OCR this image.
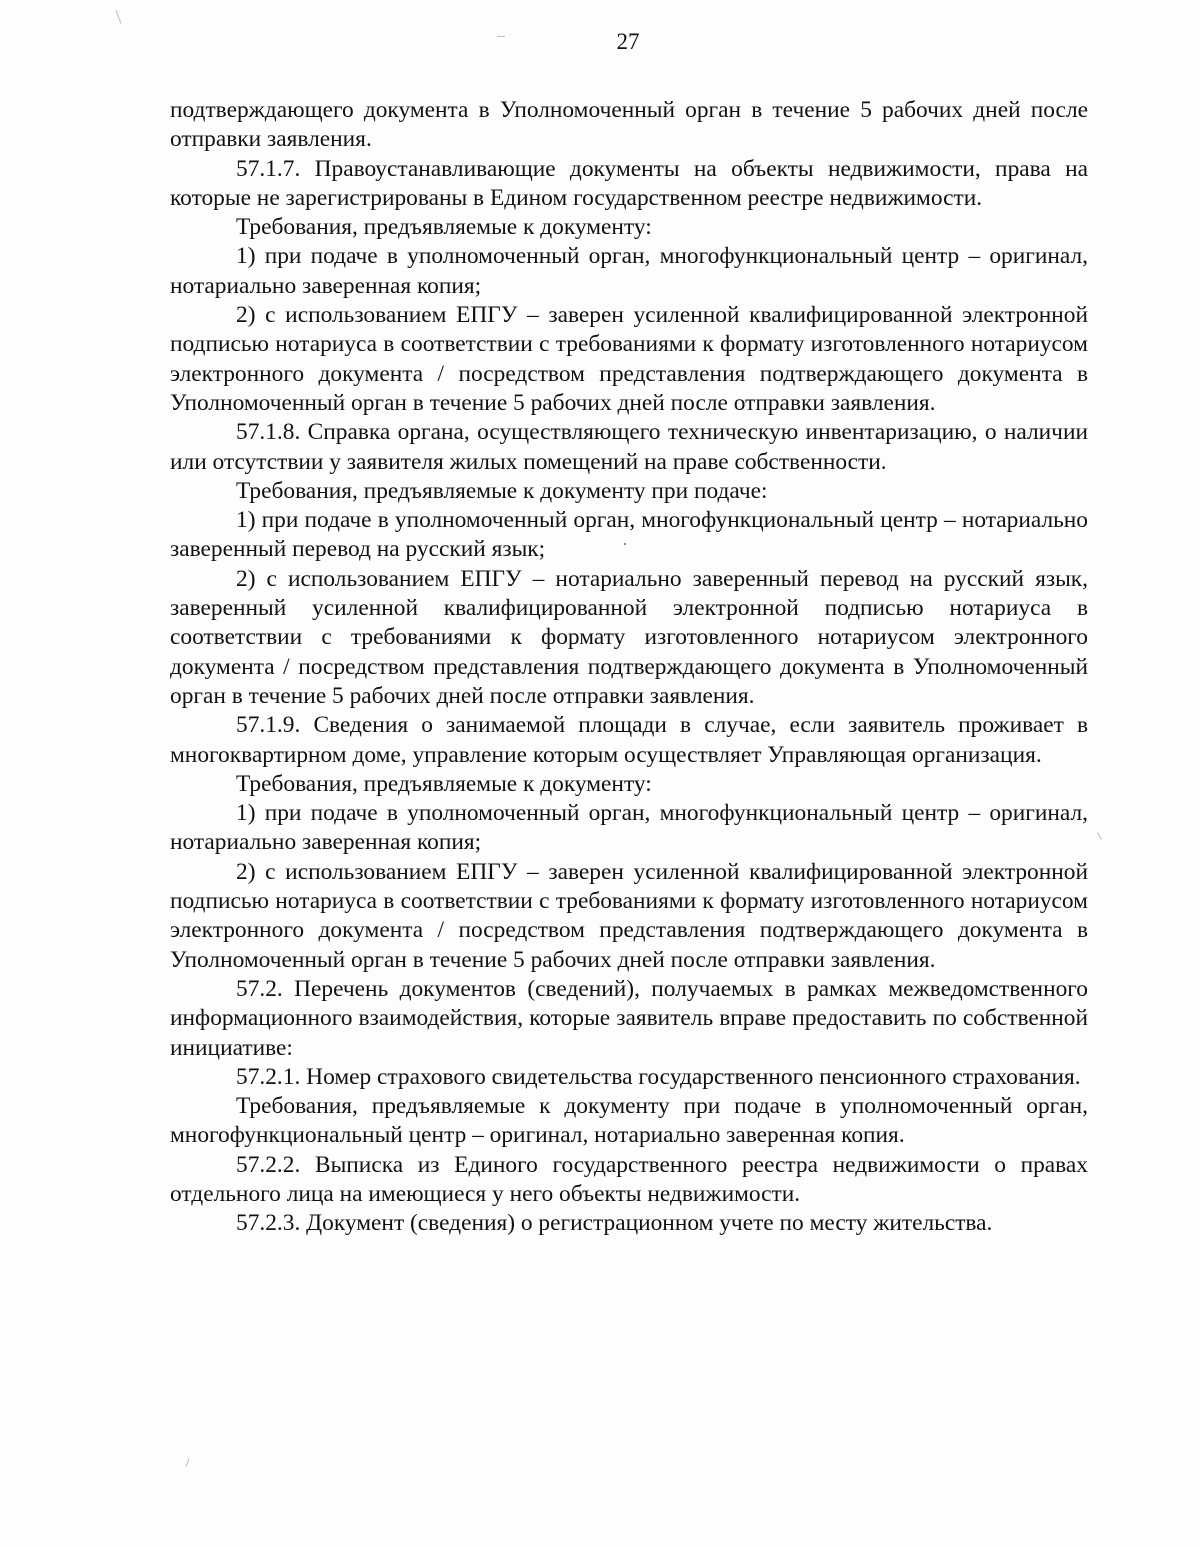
27

подтверждающего документа в Уполномоченный орган в течение 5 рабочих дней после отправки заявления.

57.1.7. Правоустанавливающие документы на объекты недвижимости, права на которые не зарегистрированы в Едином государственном реестре недвижимости.

Требования, предъявляемые к документу:

1) при подаче в уполномоченный орган, многофункциональный центр – оригинал, нотариально заверенная копия;

2) с использованием ЕПГУ – заверен усиленной квалифицированной электронной подписью нотариуса в соответствии с требованиями к формату изготовленного нотариусом электронного документа / посредством представления подтверждающего документа в Уполномоченный орган в течение 5 рабочих дней после отправки заявления.

57.1.8. Справка органа, осуществляющего техническую инвентаризацию, о наличии или отсутствии у заявителя жилых помещений на праве собственности.

Требования, предъявляемые к документу при подаче:

1) при подаче в уполномоченный орган, многофункциональный центр – нотариально заверенный перевод на русский язык;

2) с использованием ЕПГУ – нотариально заверенный перевод на русский язык, заверенный усиленной квалифицированной электронной подписью нотариуса в соответствии с требованиями к формату изготовленного нотариусом электронного документа / посредством представления подтверждающего документа в Уполномоченный орган в течение 5 рабочих дней после отправки заявления.

57.1.9. Сведения о занимаемой площади в случае, если заявитель проживает в многоквартирном доме, управление которым осуществляет Управляющая организация.

Требования, предъявляемые к документу:

1) при подаче в уполномоченный орган, многофункциональный центр – оригинал, нотариально заверенная копия;

2) с использованием ЕПГУ – заверен усиленной квалифицированной электронной подписью нотариуса в соответствии с требованиями к формату изготовленного нотариусом электронного документа / посредством представления подтверждающего документа в Уполномоченный орган в течение 5 рабочих дней после отправки заявления.

57.2. Перечень документов (сведений), получаемых в рамках межведомственного информационного взаимодействия, которые заявитель вправе предоставить по собственной инициативе:

57.2.1. Номер страхового свидетельства государственного пенсионного страхования.

Требования, предъявляемые к документу при подаче в уполномоченный орган, многофункциональный центр – оригинал, нотариально заверенная копия.

57.2.2. Выписка из Единого государственного реестра недвижимости о правах отдельного лица на имеющиеся у него объекты недвижимости.

57.2.3. Документ (сведения) о регистрационном учете по месту жительства.
